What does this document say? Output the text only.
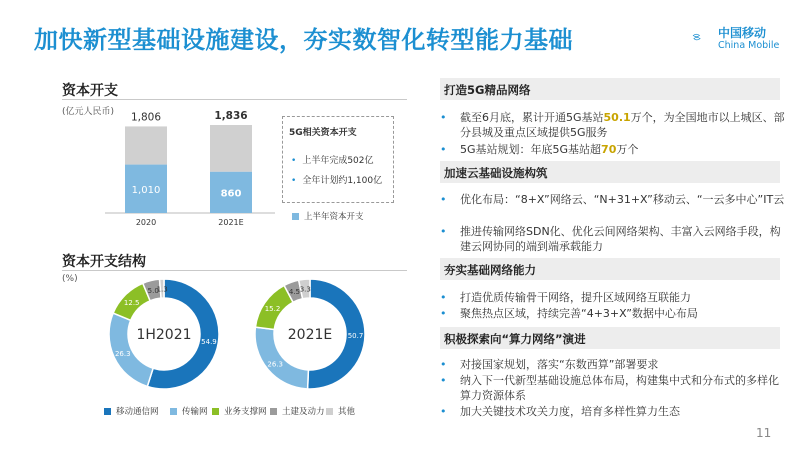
加快新型基础设施建设，夯实数智化转型能力基础	中国移动
China Mobile
资本开支
(亿元人民币)
1,010
1,806
2020
860
1,836
2021E
5G相关资本开支
• 上半年完成502亿
• 全年计划约1,100亿
上半年资本开支
资本开支结构
(%)
54.9
26.3
12.5
5.0
1.3
1H2021	50.7
26.3
15.2
4.5 3.3
2021E
移动通信网	传输网	业务支撑网	土建及动力	其他
打造5G精品网络
•	截至6月底，累计开通5G基站50.1万个，为全国地市以上城区、部分县城及重点区域提供5G服务
•	5G基站规划：年底5G基站超70万个
加速云基础设施构筑
•	优化布局：“8+X”网络云、“N+31+X”移动云、“一云多中心”IT云
•	推进传输网络SDN化、优化云间网络架构、丰富入云网络手段，构建云网协同的端到端承载能力
夯实基础网络能力
•	打造优质传输骨干网络，提升区域网络互联能力
•	聚焦热点区域，持续完善“4+3+X”数据中心布局
积极探索向“算力网络”演进
•	对接国家规划，落实“东数西算”部署要求
•	纳入下一代新型基础设施总体布局，构建集中式和分布式的多样化算力资源体系
•	加大关键技术攻关力度，培育多样性算力生态
11
